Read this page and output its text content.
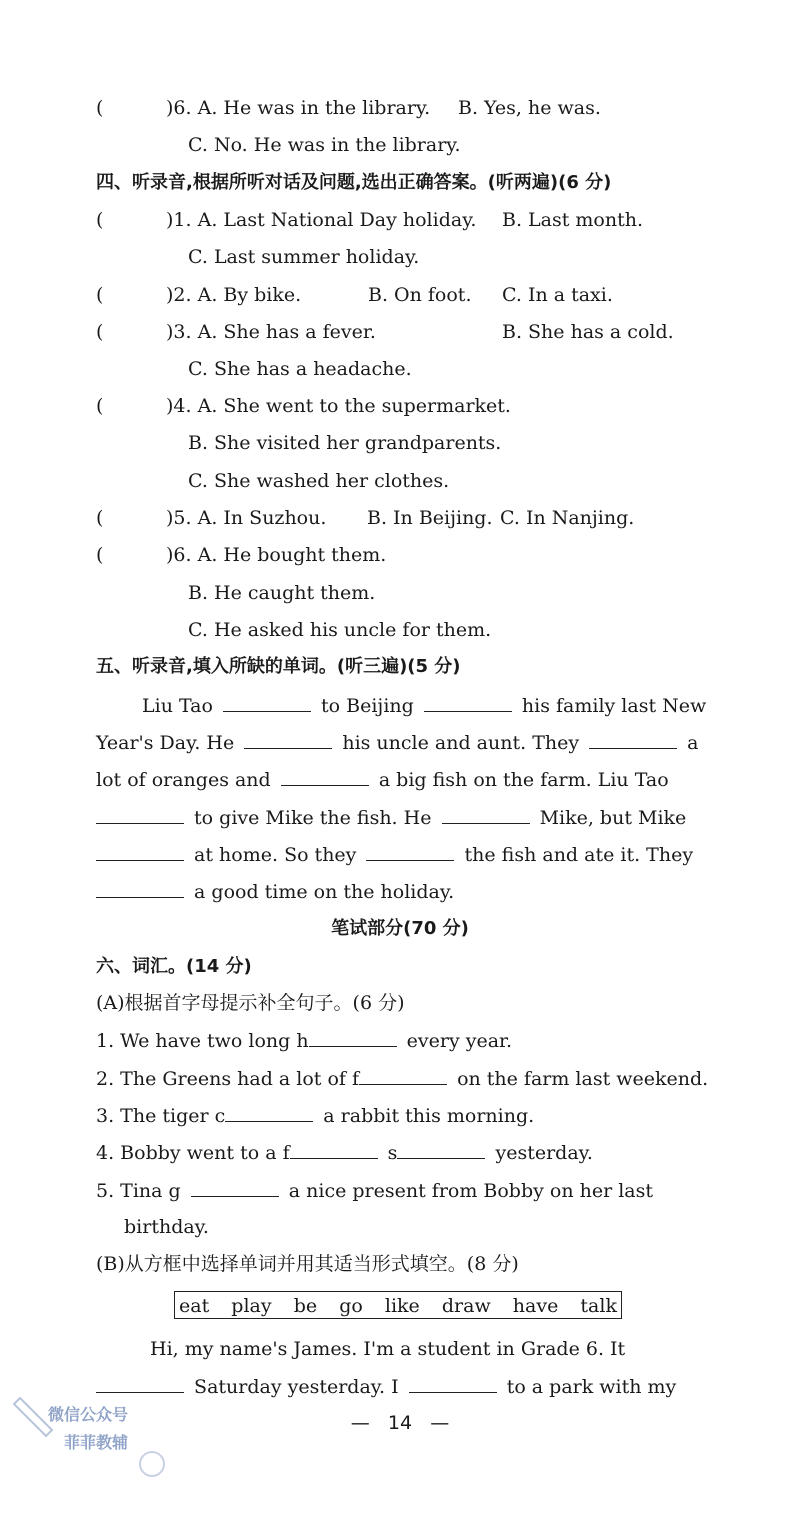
(	)6. A. He was in the library. B. Yes, he was.
C. No. He was in the library.
四、听录音,根据所听对话及问题,选出正确答案。(听两遍)(6 分)
(	)1. A. Last National Day holiday. B. Last month.
C. Last summer holiday.
(	)2. A. By bike.	B. On foot. C. In a taxi.
(	)3. A. She has a fever.	B. She has a cold.
C. She has a headache.
(	)4. A. She went to the supermarket.
B. She visited her grandparents.
C. She washed her clothes.
(	)5. A. In Suzhou. B. In Beijing. C. In Nanjing.
(	)6. A. He bought them.
B. He caught them.
C. He asked his uncle for them.
五、听录音,填入所缺的单词。(听三遍)(5 分)
Liu Tao	to Beijing	his family last New
Year's Day. He	his uncle and aunt. They	a
lot of oranges and	a big fish on the farm. Liu Tao
to give Mike the fish. He	Mike, but Mike
at home. So they	the fish and ate it. They
a good time on the holiday.
笔试部分(70 分)
六、词汇。(14 分)
(A)根据首字母提示补全句子。(6 分)
1. We have two long h	every year.
2. The Greens had a lot of f	on the farm last weekend.
3. The tiger c	a rabbit this morning.
4. Bobby went to a f	s	yesterday.
5. Tina g	a nice present from Bobby on her last
birthday.
(B)从方框中选择单词并用其适当形式填空。(8 分)
eat play be go like draw have talk
Hi, my name's James. I'm a student in Grade 6. It
Saturday yesterday. I	to a park with my
—   14   —
微信公众号
菲菲教辅
